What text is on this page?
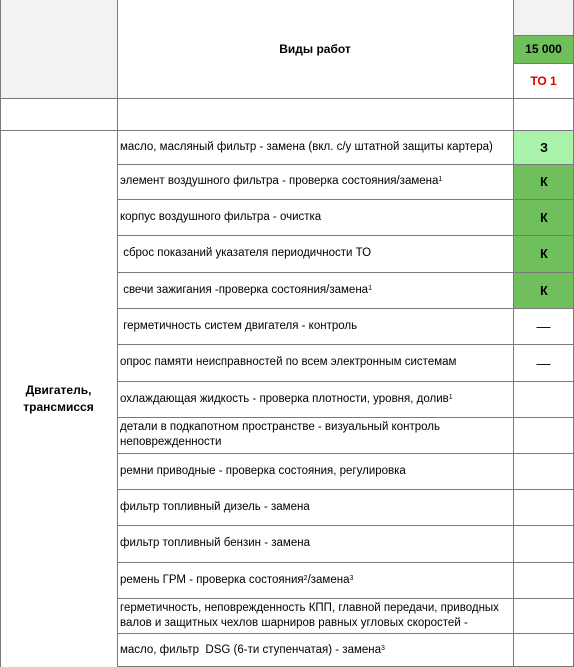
Виды работ	15 000
ТО 1
Двигатель,
трансмисся
масло, масляный фильтр - замена (вкл. с/у штатной защиты картера)	З
элемент воздушного фильтра - проверка состояния/замена$^1$	К
корпус воздушного фильтра - очистка	К
сброс показаний указателя периодичности ТО	К
свечи зажигания -проверка состояния/замена$^1$	К
герметичность систем двигателя - контроль	—
опрос памяти неисправностей по всем электронным системам	—
охлаждающая жидкость - проверка плотности, уровня, долив$^1$
детали в подкапотном пространстве - визуальный контроль неповрежденности
ремни приводные - проверка состояния, регулировка
фильтр топливный дизель - замена
фильтр топливный бензин - замена
ремень ГРМ - проверка состояния$^2$/замена$^3$
герметичность, неповрежденность КПП, главной передачи, приводных валов и защитных чехлов шарниров равных угловых скоростей -
масло, фильтр  DSG (6-ти ступенчатая) - замена$^3$
